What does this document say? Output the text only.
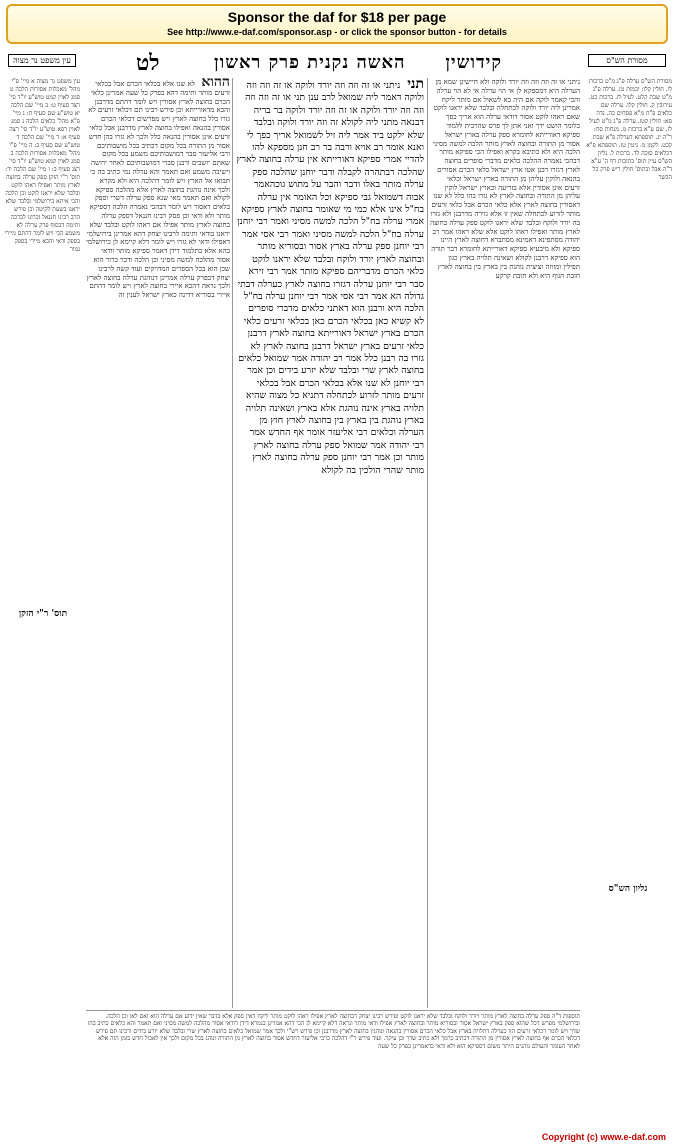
Sponsor the daf for $18 per page
See http://www.e-daf.com/sponsor.asp - or click the sponsor button - for details
מסורת הש"ס
קידושין
האשה נקנית פרק ראשון
לט
עין משפט נר מצוה
מסורת הש"ס ערלה פ"ג מ"ט ברכות לו. חולין קלו: יבמות טז. ערלה פ"ג מ"ט שבת קלט. לעיל לז. ברכות כט. עירובין ק. חולין קלו. ערלה שם כלאים פ"ח מ"א פסחים כה. נדה סא: חולין קטז. ערלה פ"ג מ"ט לעיל לז. שם ע"א ברכות מ. מנחות סח: ר"ה יג. תוספתא דערלה פ"א שבת קכט. לקמן מ. גיטין טז. תוספתא פ"א דכלאים סוכה לד. ברכות ל. גליון הש"ס עיין תוס' כתובות דף ה' ע"א ד"ה אבל ובתוס' חולין ריש פרק כל הבשר
ניתני או זה וזה וזה וזה יורד ולוקה ולא חיישינן שמא מן הערלה היא דמספקא לן אי הוי ערלה אי לא הוי ערלה והכי קאמר לוקה אם היה בא לשאול אם מותר ליקח אמרינן ליה יורד ולוקה לכתחלה ובלבד שלא יראנו לוקט שאם ראהו לוקט אסור דודאי ערלה הוא אריך כפך כלומר הושט ידך ואני אתן לך פרס שהרבית ללמוד ספיקא דאורייתא לחומרא ספק ערלה בארץ ישראל אסור מן התורה ובחוצה לארץ מותר הלכה למשה מסיני הלכה היא ולא כתיבא בקרא ואפילו הכי ספיקא מותר דבהכי נאמרה ההלכה כלאים מדברי סופרים בחוצה לארץ דגזרו רבנן אטו ארץ ישראל כלאי הכרם אסורים בהנאה ולוקין עליהן מן התורה בארץ ישראל וכלאי זרעים אינן אסורין אלא בזריעה ובארץ ישראל לוקין עליהן מן התורה ובחוצה לארץ לא גזרו בהו כלל לא שנו דאסורין בחוצה לארץ אלא כלאי הכרם אבל כלאי זרעים מותר לזרוע לכתחלה שאין זו אלא גזירה מדרבנן ולא גזרו בה יורד ולוקח ובלבד שלא יראנו לוקט ספק ערלה בחוצה לארץ מותר ואפילו ראהו לוקט אלא שלא ראהו אמר רב יהודה מסתפינא דאמינא מסתברא דחוצה לארץ היינו ספיקא ולא מיבעיא ספיקא דאורייתא לחומרא דבר תורה הוא ספיקא דרבנן לקולא ושאינה תלויה בארץ כגון תפילין ומזוזה וציצית נוהגת בין בארץ בין בחוצה לארץ חובת הגוף היא ולא חובת קרקע
תני ניתני או זה וזה וזה יורד ולוקה או זה וזה וזה ולוקה דאמר ליה שמואל לרב ענן תני או זה וזה וזה וזה וזה יורד ולוקה או זה וזה יורד ולוקה בר בריה דבנאה מתני ליה לקולא זה וזה יורד ולוקה ובלבד שלא ילקט ביד אמר ליה זיל לשמואל אריך כפך לי ואנא אומר רב אויא ורבה בר רב חנן מספקא להו להדיי אמרי ספיקא דאורייתא אין ערלה בחוצה לארץ שהלכה רבתהרה לקבלה ודבר יוחנן שהלכה ספק ערלה מותר באלו ודבר והבר על מתוש גוכהאמר אבוה דשמואל גבי ספיקא וכל האומר אין ערלה בח"ל אינו אלא כמי מי שאומר בחוצה לארץ ספיקא אמרי ערלה בח"ל הלכה למשה מסיני ואמר רבי יוחנן ערלה בח"ל הלכה למשה מסיני ואמר רבי אסי אמר רבי יוחנן ספק ערלה בארץ אסור ובסוריא מותר ובחוצה לארץ יורד ולוקח ובלבד שלא יראנו לוקט כלאי הכרם מדבריהם ספיקא מותר אמר רבי זירא סבר רבי יוחנן ערלה דגזרו בחוצה לארץ כערלה דבתי גדולה הא אמר רבי אסי אמר רבי יוחנן ערלה בח"ל הלכה היא ורבנן הוא דאתני כלאים מדברי סופרים לא קשיא כאן בכלאי הכרם כאן בכלאי זרעים כלאי הכרם בארץ ישראל דאורייתא בחוצה לארץ דרבנן כלאי זרעים בארץ ישראל דרבנן בחוצה לארץ לא גזרו בה רבנן כלל אמר רב יהודה אמר שמואל כלאים בחוצה לארץ שרי ובלבד שלא יזרע בידים וכן אמר רבי יוחנן לא שנו אלא בכלאי הכרם אבל בכלאי זרעים מותר לזרוע לכתחלה דתניא כל מצוה שהיא תלויה בארץ אינה נוהגת אלא בארץ ושאינה תלויה בארץ נוהגת בין בארץ בין בחוצה לארץ חוץ מן הערלה וכלאים רבי אליעזר אומר אף החדש אמר רבי יהודה אמר שמואל ספק ערלה בחוצה לארץ מותר וכן אמר רבי יוחנן ספק ערלה בחוצה לארץ מותר שהרי הולכין בה לקולא
ההוא לא שנו אלא בכלאי הכרם אבל בכלאי זרעים מותר ותימה דהא בפרק כל שעה אמרינן כלאי הכרם בחוצה לארץ אסורין ויש לומר דהתם מדרבנן והכא מדאורייתא וכן פירש רבינו תם דכלאי זרעים לא גזרו כלל בחוצה לארץ ויש מפרשים דכלאי הכרם אסורין בהנאה ואפילו בחוצה לארץ מדרבנן אבל כלאי זרעים אינן אסורין בהנאה כלל ולכך לא גזרו בהן חדש אסור מן התורה בכל מקום דכתיב בכל מושבותיכם ורבי אליעזר סבר דמושבותיכם משמע בכל מקום שאתם יושבים ורבנן סברי דמושבותיכם לאחר ירושה וישיבה משמע ואם תאמר והא ערלה נמי כתיב בה כי תבואו אל הארץ ויש לומר דהלכה היא ולא מקרא ולכך אינה נוהגת בחוצה לארץ אלא מהלכה ספיקא לקולא ואם תאמר מאי שנא ספק ערלה דשרי וספק כלאים דאסור ויש לומר דבהכי נאמרה הלכה דספיקא מותר ולא ודאי וכן פסק רבינו חננאל דספק ערלה בחוצה לארץ מותר אפילו אם ראהו לוקט ובלבד שלא יראנו בודאי ותימה לרבינו יצחק דהא אמרינן בירושלמי דאפילו ודאי לא גזרו ויש לומר דלא קיימא לן כירושלמי בהא אלא כתלמוד דידן דאמר ספיקא מותר וודאי אסור מהלכה למשה מסיני וכן הלכה ודבר ברור הוא שכן הוא בכל הספרים המדויקים ועוד קשה לרבינו יצחק דבפרק ערלה אמרינן דנוהגת ערלה בחוצה לארץ ולכך נראה דהכא איירי בחוצה לארץ ויש לומר דהתם איירי בסוריא דדינה כארץ ישראל לענין זה
עין משפט נר מצוה א מיי' פ"י מהל' מאכלות אסורות הלכה ט סמג לאוין קמט טוש"ע יו"ד סי' רצד סעיף ט: ב מיי' שם הלכה יא טוש"ע שם סעיף ח: ג מיי' פ"א מהל' כלאים הלכה ג סמג לאוין רפא טוש"ע יו"ד סי' רצה סעיף א: ד מיי' שם הלכה ד טוש"ע שם סעיף ב: ה מיי' פ"י מהל' מאכלות אסורות הלכה ב סמג לאוין קמא טוש"ע יו"ד סי' רצג סעיף ב: ו מיי' שם הלכה יד: תוס' ר"י הזקן ספק ערלה בחוצה לארץ מותר ואפילו ראהו לוקט ובלבד שלא יראנו לוקט וכן הלכה והכי איתא בירושלמי ובלבד שלא יראנו בשעת לקיטה וכן פירש הרב רבינו חננאל זכרונו לברכה ותימה דבסוף פרק ערלה לא משמע הכי ויש לומר דהתם מיירי בספק ודאי והכא מיירי בספק גמור
תוס' ר"י הזקן
גליון הש"ס
תוספות ד"ה ספק ערלה בחוצה לארץ מותר ויורד ולוקח ובלבד שלא יראנו לוקט ופירש רבינו יצחק דבחוצה לארץ אפילו ראהו לוקט מותר ליקח דאין ספק אלא בדבר שאין ידוע אם ערלה הוא ואם לאו וכן הלכה. ובירושלמי מפרש דכל שהוא ספק בארץ ישראל אסור ובסוריא מותר ובחוצה לארץ אפילו ודאי מותר ונראה דלא קיימא לן הכי דהא אמרינן בגמרא דידן דודאי אסור מהלכה למשה מסיני ואם תאמר והא כלאים כתיב בהו שדך ויש לומר דכלאי זרעים הוו כערלה דתלויה בארץ אבל כלאי הכרם אסורין בהנאה ונוהגין בחוצה לארץ מדרבנן וכן פירש רש"י ולכך אמר שמואל כלאים בחוצה לארץ שרי ובלבד שלא יזרע בידים ורבינו תם פירש דכלאי הכרם אף בחוצה לארץ אסורין מן התורה דכתיב כרמך ולא כתיב שדך וכן עיקר. ועוד פירש ר"י דהלכה כרבי אליעזר דחדש אסור בחוצה לארץ מן התורה ונוהג בכל מקום ולכך אין לאכול חדש בזמן הזה אלא לאחר העומר והעולם נוהגים היתר משום דספיקא הוא ולא ודאי כדאמרינן בפרק כל שעה
Copyright (c) www.e-daf.com
